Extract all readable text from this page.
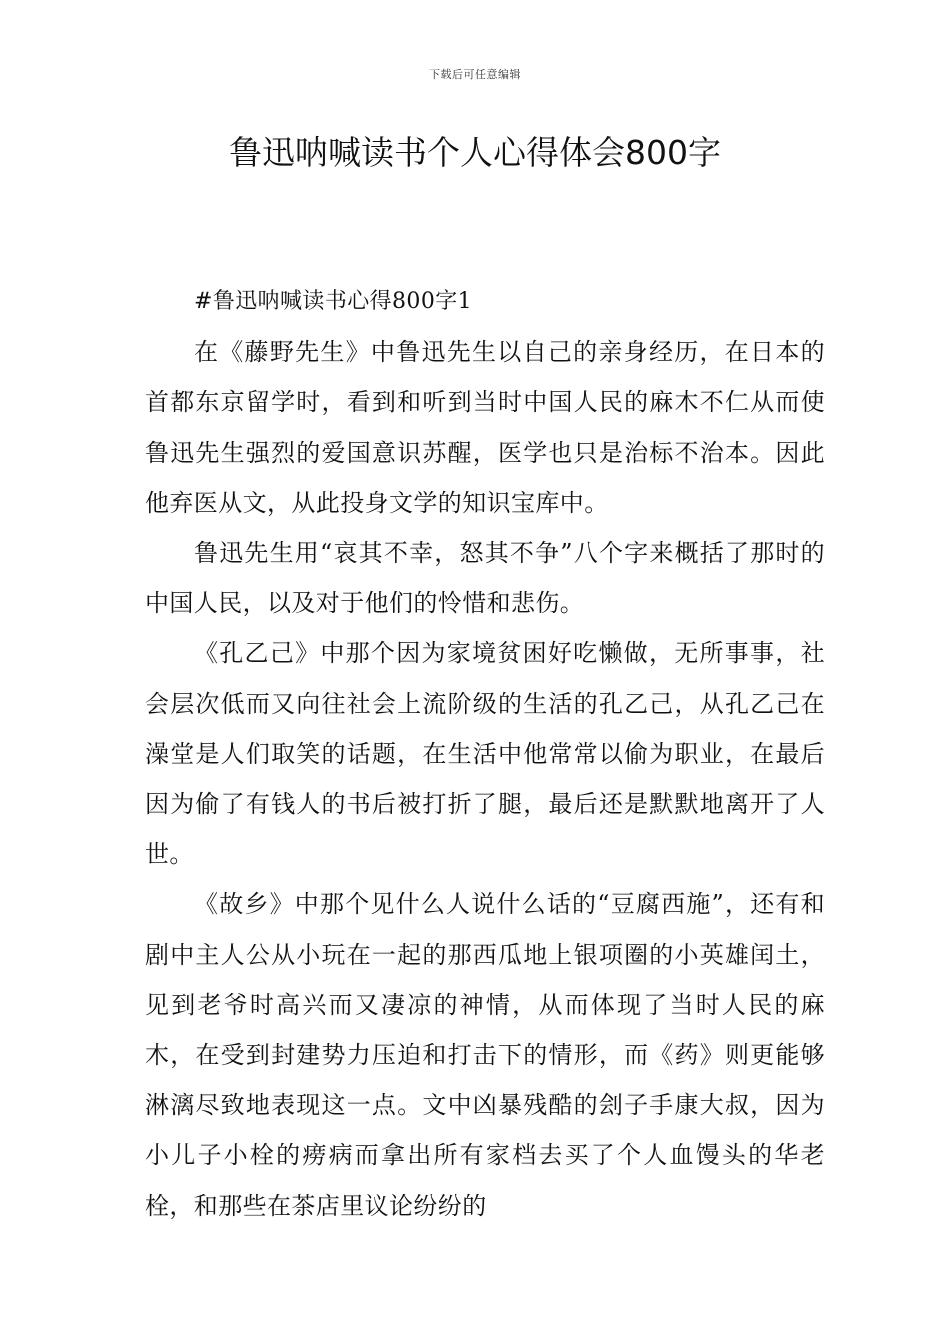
下载后可任意编辑
鲁迅呐喊读书个人心得体会800字

#鲁迅呐喊读书心得800字1

在《藤野先生》中鲁迅先生以自己的亲身经历，在日本的首都东京留学时，看到和听到当时中国人民的麻木不仁从而使鲁迅先生强烈的爱国意识苏醒，医学也只是治标不治本。因此他弃医从文，从此投身文学的知识宝库中。

鲁迅先生用“哀其不幸，怒其不争”八个字来概括了那时的中国人民，以及对于他们的怜惜和悲伤。

《孔乙己》中那个因为家境贫困好吃懒做，无所事事，社会层次低而又向往社会上流阶级的生活的孔乙己，从孔乙己在澡堂是人们取笑的话题，在生活中他常常以偷为职业，在最后因为偷了有钱人的书后被打折了腿，最后还是默默地离开了人世。

《故乡》中那个见什么人说什么话的“豆腐西施”，还有和剧中主人公从小玩在一起的那西瓜地上银项圈的小英雄闰土，见到老爷时高兴而又凄凉的神情，从而体现了当时人民的麻木，在受到封建势力压迫和打击下的情形，而《药》则更能够淋漓尽致地表现这一点。文中凶暴残酷的刽子手康大叔，因为小儿子小栓的痨病而拿出所有家档去买了个人血馒头的华老栓，和那些在茶店里议论纷纷的
